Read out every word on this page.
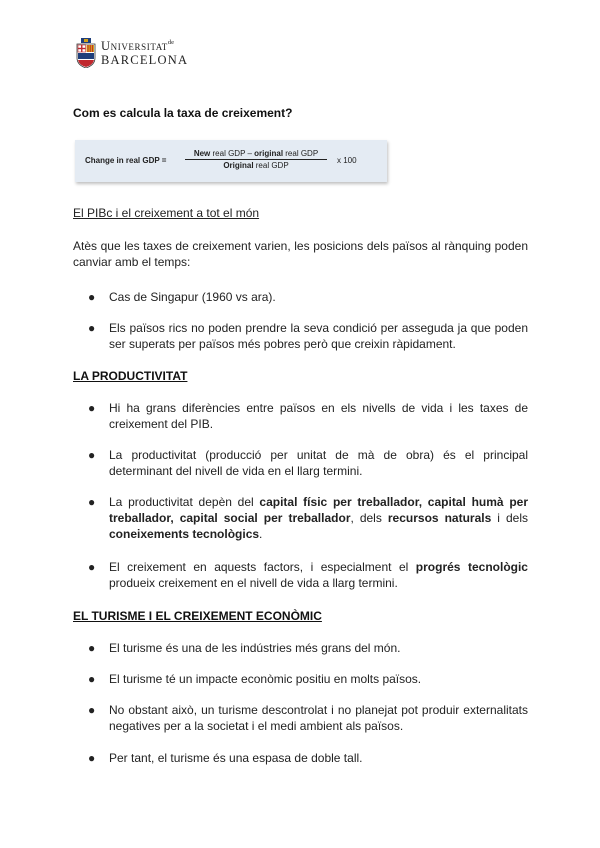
Universitat$^{de}$
BARCELONA
Com es calcula la taxa de creixement?
Change in real GDP =
New real GDP – original real GDP
Original real GDP
x 100
El PIBc i el creixement a tot el món
Atès que les taxes de creixement varien, les posicions dels països al rànquing poden canviar amb el temps:
●	Cas de Singapur (1960 vs ara).
●	Els països rics no poden prendre la seva condició per asseguda ja que poden ser superats per països més pobres però que creixin ràpidament.
LA PRODUCTIVITAT
●	Hi ha grans diferències entre països en els nivells de vida i les taxes de creixement del PIB.
●	La productivitat (producció per unitat de mà de obra) és el principal determinant del nivell de vida en el llarg termini.
●	La productivitat depèn del capital físic per treballador, capital humà per treballador, capital social per treballador, dels recursos naturals i dels coneixements tecnològics.
●	El creixement en aquests factors, i especialment el progrés tecnològic produeix creixement en el nivell de vida a llarg termini.
EL TURISME I EL CREIXEMENT ECONÒMIC
●	El turisme és una de les indústries més grans del món.
●	El turisme té un impacte econòmic positiu en molts països.
●	No obstant això, un turisme descontrolat i no planejat pot produir externalitats negatives per a la societat i el medi ambient als països.
●	Per tant, el turisme és una espasa de doble tall.
